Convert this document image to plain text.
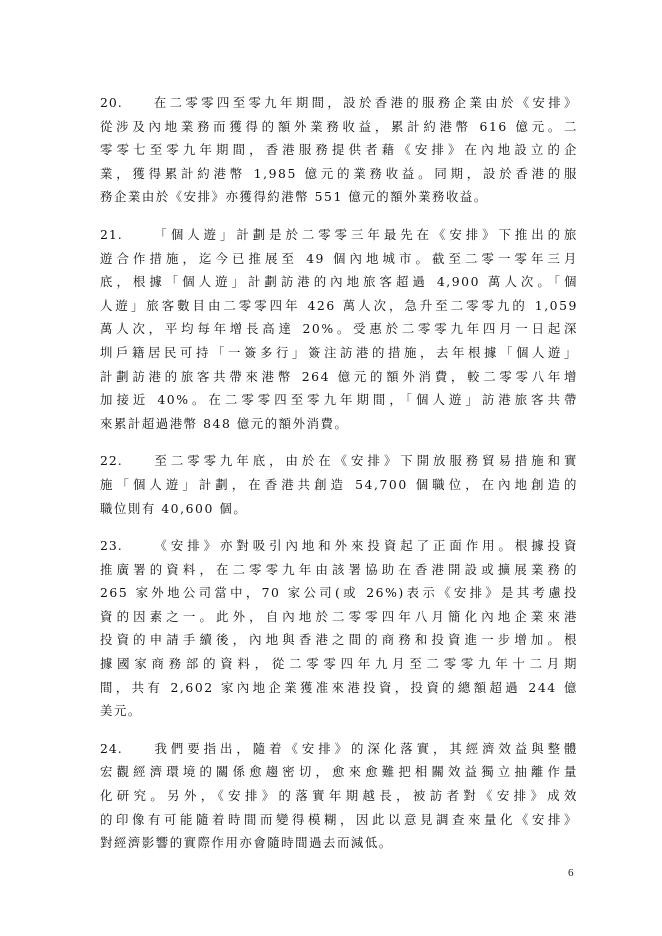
20. 在二零零四至零九年期間，設於香港的服務企業由於《安排》
從涉及內地業務而獲得的額外業務收益，累計約港幣 616 億元。二
零零七至零九年期間，香港服務提供者藉《安排》在內地設立的企
業，獲得累計約港幣 1,985 億元的業務收益。同期，設於香港的服
務企業由於《安排》亦獲得約港幣 551 億元的額外業務收益。
21. 「個人遊」計劃是於二零零三年最先在《安排》下推出的旅
遊合作措施，迄今已推展至 49 個內地城市。截至二零一零年三月
底，根據「個人遊」計劃訪港的內地旅客超過 4,900 萬人次。「個
人遊」旅客數目由二零零四年 426 萬人次，急升至二零零九的 1,059
萬人次，平均每年增長高達 20%。受惠於二零零九年四月一日起深
圳戶籍居民可持「一簽多行」簽注訪港的措施，去年根據「個人遊」
計劃訪港的旅客共帶來港幣 264 億元的額外消費，較二零零八年增
加接近 40%。在二零零四至零九年期間，「個人遊」訪港旅客共帶
來累計超過港幣 848 億元的額外消費。
22. 至二零零九年底，由於在《安排》下開放服務貿易措施和實
施「個人遊」計劃，在香港共創造 54,700 個職位，在內地創造的
職位則有 40,600 個。
23. 《安排》亦對吸引內地和外來投資起了正面作用。根據投資
推廣署的資料，在二零零九年由該署協助在香港開設或擴展業務的
265 家外地公司當中，70 家公司(或 26%)表示《安排》是其考慮投
資的因素之一。此外，自內地於二零零四年八月簡化內地企業來港
投資的申請手續後，內地與香港之間的商務和投資進一步增加。根
據國家商務部的資料，從二零零四年九月至二零零九年十二月期
間，共有 2,602 家內地企業獲准來港投資，投資的總額超過 244 億
美元。
24. 我們要指出，隨着《安排》的深化落實，其經濟效益與整體
宏觀經濟環境的關係愈趨密切，愈來愈難把相關效益獨立抽離作量
化研究。另外，《安排》的落實年期越長，被訪者對《安排》成效
的印像有可能隨着時間而變得模糊，因此以意見調查來量化《安排》
對經濟影響的實際作用亦會隨時間過去而減低。
6
